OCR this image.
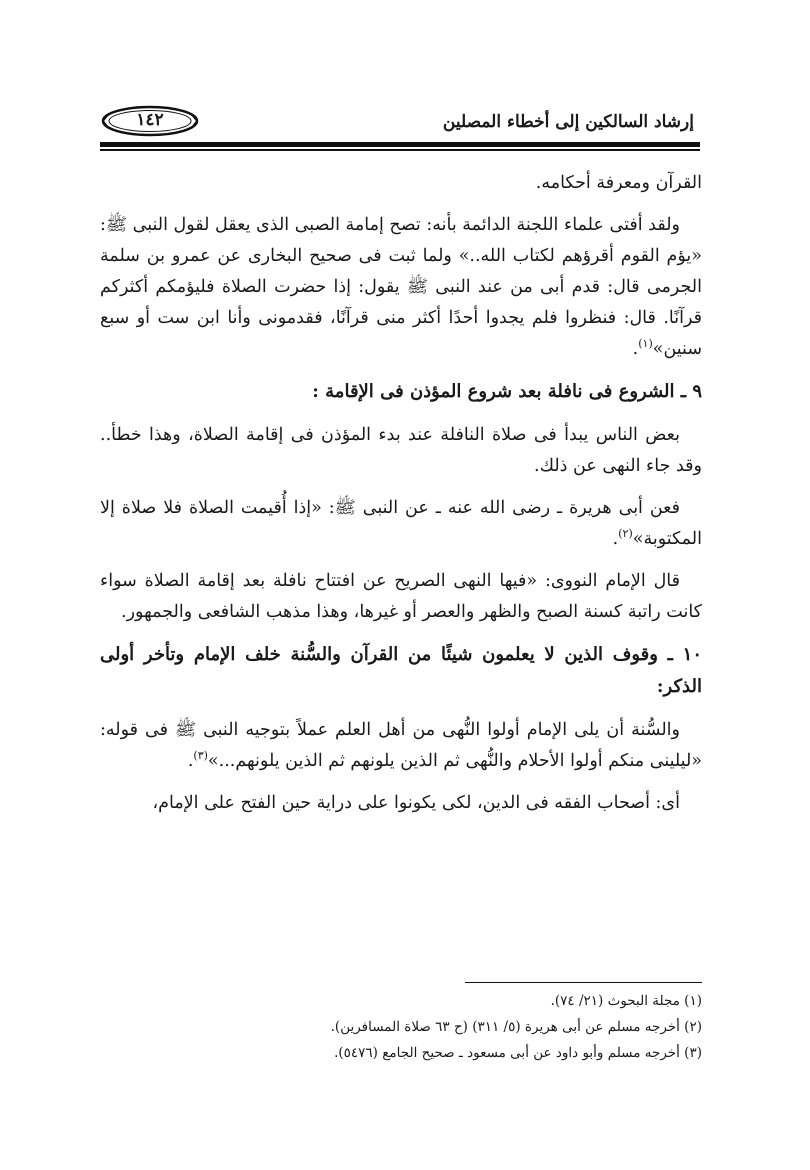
إرشاد السالكين إلى أخطاء المصلين
١٤٢

القرآن ومعرفة أحكامه.

ولقد أفتى علماء اللجنة الدائمة بأنه: تصح إمامة الصبى الذى يعقل لقول النبى ﷺ: «يؤم القوم أقرؤهم لكتاب الله..» ولما ثبت فى صحيح البخارى عن عمرو بن سلمة الجرمى قال: قدم أبى من عند النبى ﷺ يقول: إذا حضرت الصلاة فليؤمكم أكثركم قرآنًا. قال: فنظروا فلم يجدوا أحدًا أكثر منى قرآنًا، فقدمونى وأنا ابن ست أو سبع سنين»$^{(١)}$.

٩ ـ الشروع فى نافلة بعد شروع المؤذن فى الإقامة :

بعض الناس يبدأ فى صلاة النافلة عند بدء المؤذن فى إقامة الصلاة، وهذا خطأ.. وقد جاء النهى عن ذلك.

فعن أبى هريرة ـ رضى الله عنه ـ عن النبى ﷺ: «إذا أُقيمت الصلاة فلا صلاة إلا المكتوبة»$^{(٢)}$.

قال الإمام النووى: «فيها النهى الصريح عن افتتاح نافلة بعد إقامة الصلاة سواء كانت راتبة كسنة الصبح والظهر والعصر أو غيرها، وهذا مذهب الشافعى والجمهور.

١٠ ـ وقوف الذين لا يعلمون شيئًا من القرآن والسُّنة خلف الإمام وتأخر أولى الذكر:

والسُّنة أن يلى الإمام أولوا النُّهى من أهل العلم عملاً بتوجيه النبى ﷺ فى قوله: «ليلينى منكم أولوا الأحلام والنُّهى ثم الذين يلونهم ثم الذين يلونهم...»$^{(٣)}$.

أى: أصحاب الفقه فى الدين، لكى يكونوا على دراية حين الفتح على الإمام،

(١) مجلة البحوث (٢١/ ٧٤).
(٢) أخرجه مسلم عن أبى هريرة (٥/ ٣١١) (ح ٦٣ صلاة المسافرين).
(٣) أخرجه مسلم وأبو داود عن أبى مسعود ـ صحيح الجامع (٥٤٧٦).
